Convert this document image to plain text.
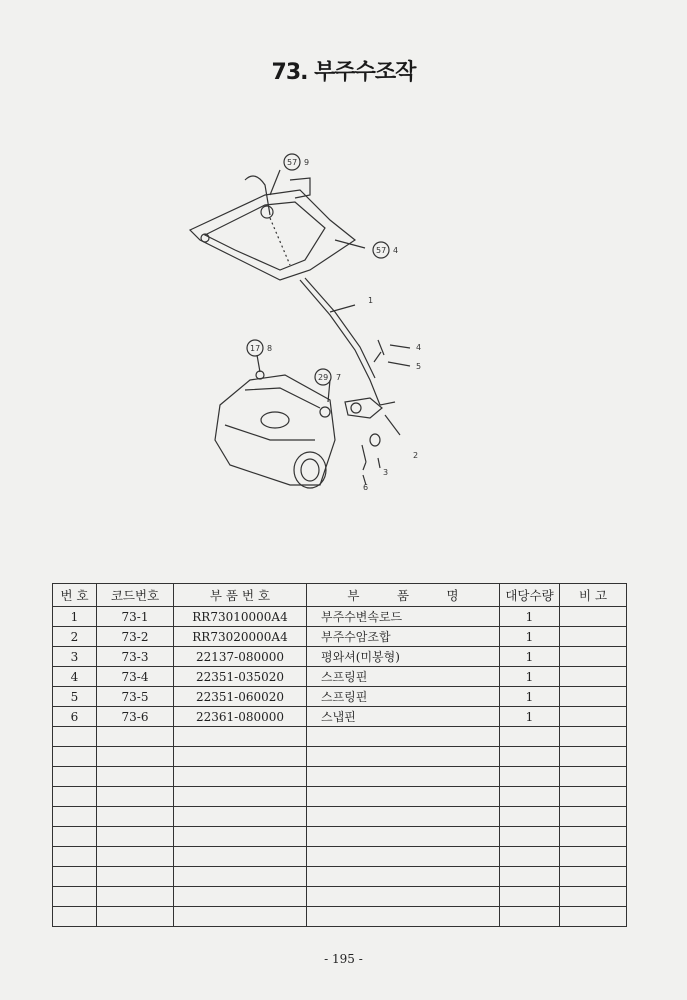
73. 부주수조작
57 9
57 4
1
17 8
29 7
4
5
2
3
6
번 호	코드번호	부 품 번 호	부　　　품　　　명	대당수량	비 고
1	73-1	RR73010000A4	부주수변속로드	1	
2	73-2	RR73020000A4	부주수암조합	1	
3	73-3	22137-080000	평와셔(미봉형)	1	
4	73-4	22351-035020	스프링핀	1	
5	73-5	22351-060020	스프링핀	1	
6	73-6	22361-080000	스냅핀	1	

- 195 -
